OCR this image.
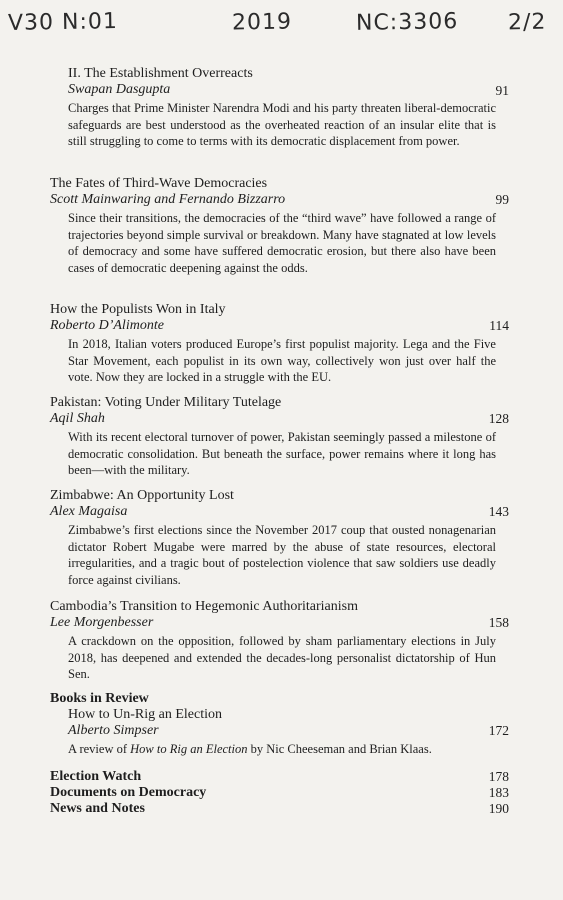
V30 N:01	2019	NC:3306 2/2
II. The Establishment Overreacts
Swapan Dasgupta
Charges that Prime Minister Narendra Modi and his party threaten liberal-democratic safeguards are best understood as the overheated reaction of an insular elite that is still struggling to come to terms with its democratic displacement from power.
91
The Fates of Third-Wave Democracies
Scott Mainwaring and Fernando Bizzarro
Since their transitions, the democracies of the “third wave” have followed a range of trajectories beyond simple survival or breakdown. Many have stagnated at low levels of democracy and some have suffered democratic erosion, but there also have been cases of democratic deepening against the odds.
99
How the Populists Won in Italy
Roberto D’Alimonte
In 2018, Italian voters produced Europe’s first populist majority. Lega and the Five Star Movement, each populist in its own way, collectively won just over half the vote. Now they are locked in a struggle with the EU.
114
Pakistan: Voting Under Military Tutelage
Aqil Shah
With its recent electoral turnover of power, Pakistan seemingly passed a milestone of democratic consolidation. But beneath the surface, power remains where it long has been—with the military.
128
Zimbabwe: An Opportunity Lost
Alex Magaisa
Zimbabwe’s first elections since the November 2017 coup that ousted nonagenarian dictator Robert Mugabe were marred by the abuse of state resources, electoral irregularities, and a tragic bout of postelection violence that saw soldiers use deadly force against civilians.
143
Cambodia’s Transition to Hegemonic Authoritarianism
Lee Morgenbesser
A crackdown on the opposition, followed by sham parliamentary elections in July 2018, has deepened and extended the decades-long personalist dictatorship of Hun Sen.
158
Books in Review
How to Un-Rig an Election
Alberto Simpser
A review of How to Rig an Election by Nic Cheeseman and Brian Klaas.
172
Election Watch	178
Documents on Democracy	183
News and Notes	190
